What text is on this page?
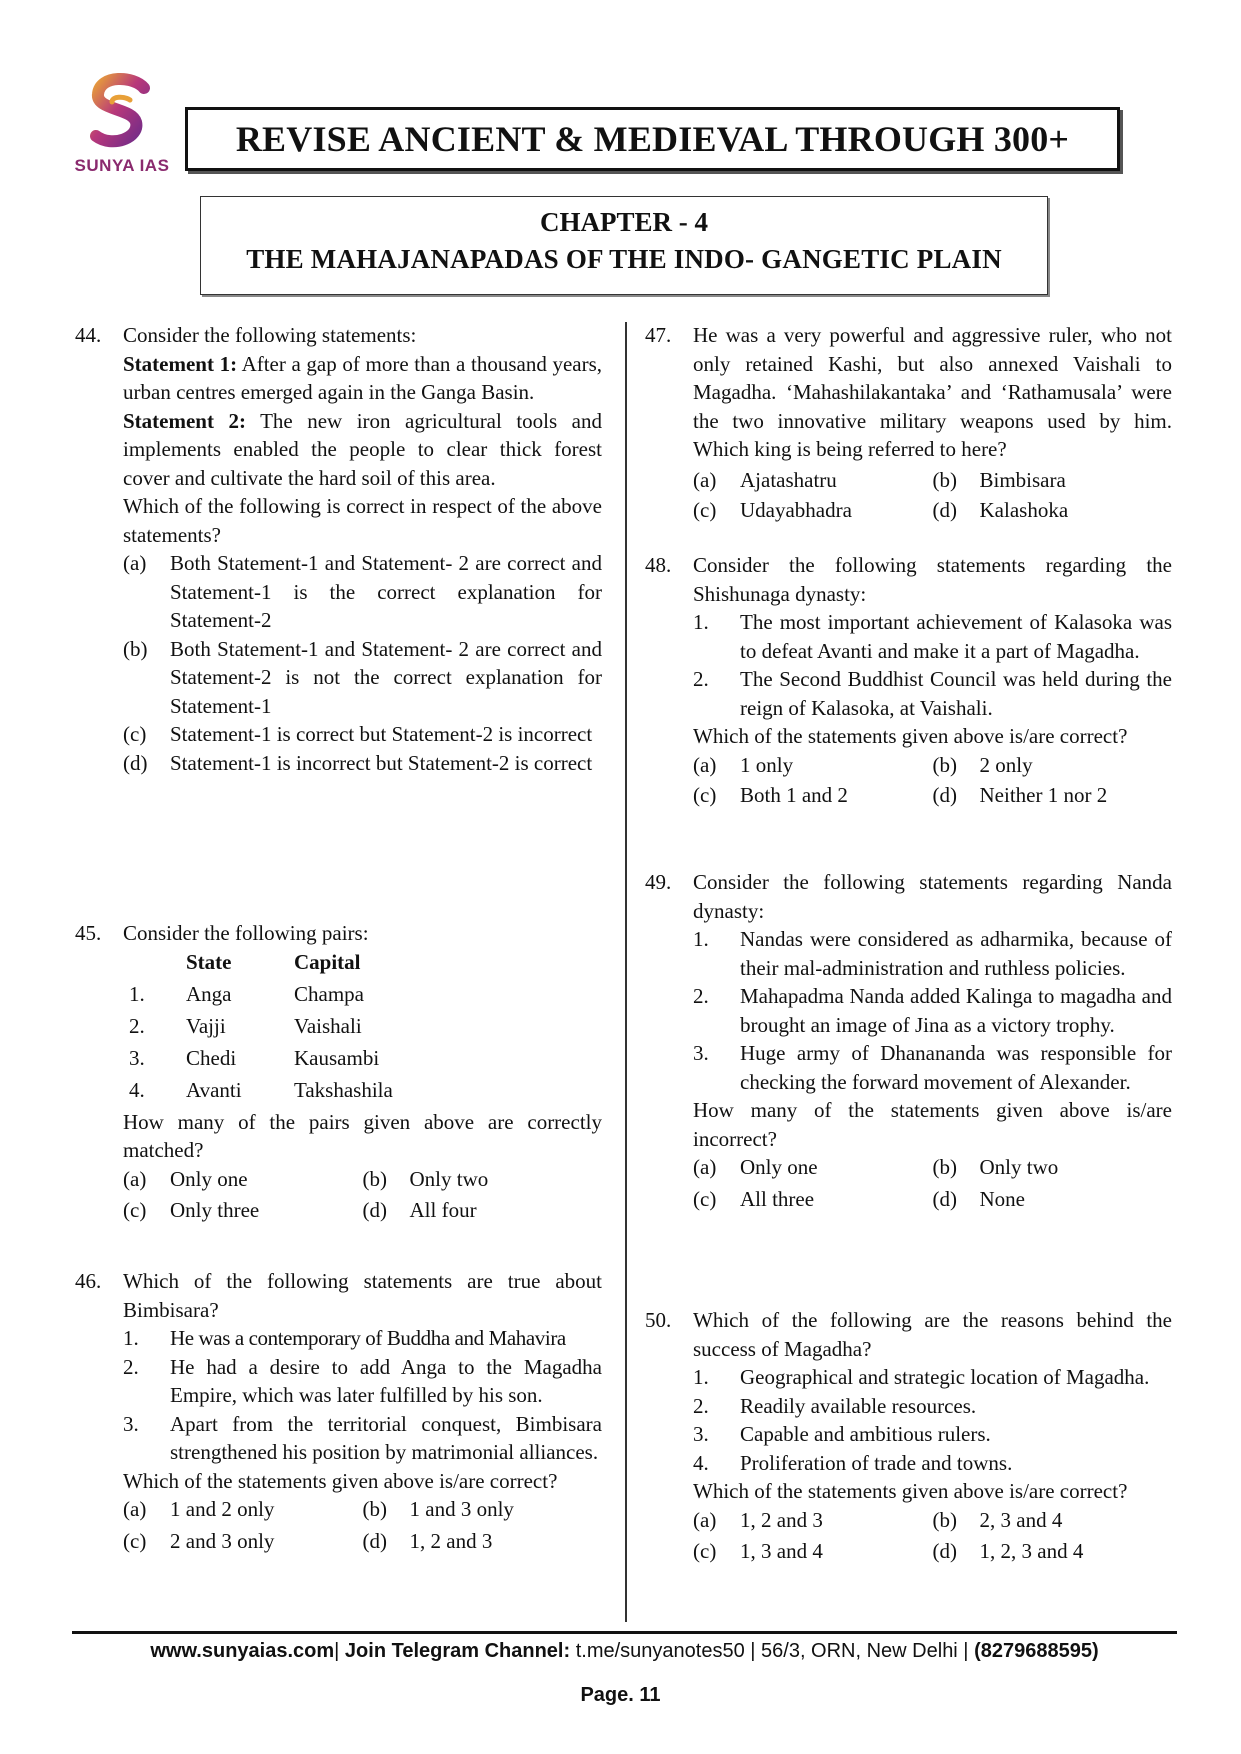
SUNYA IAS
REVISE ANCIENT & MEDIEVAL THROUGH 300+
CHAPTER - 4
THE MAHAJANAPADAS OF THE INDO- GANGETIC PLAIN
44. Consider the following statements:

Statement 1: After a gap of more than a thousand years, urban centres emerged again in the Ganga Basin.

Statement 2: The new iron agricultural tools and implements enabled the people to clear thick forest cover and cultivate the hard soil of this area.

Which of the following is correct in respect of the above statements?

(a) Both Statement-1 and Statement- 2 are correct and Statement-1 is the correct explanation for Statement-2
(b) Both Statement-1 and Statement- 2 are correct and Statement-2 is not the correct explanation for Statement-1
(c) Statement-1 is correct but Statement-2 is incorrect
(d) Statement-1 is incorrect but Statement-2 is correct
45. Consider the following pairs:

	State	Capital
1.	Anga	Champa
2.	Vajji	Vaishali
3.	Chedi	Kausambi
4.	Avanti	Takshashila

How many of the pairs given above are correctly matched?

(a) Only one	(b) Only two
(c) Only three	(d) All four
46. Which of the following statements are true about Bimbisara?

1. He was a contemporary of Buddha and Mahavira
2. He had a desire to add Anga to the Magadha Empire, which was later fulfilled by his son.
3. Apart from the territorial conquest, Bimbisara strengthened his position by matrimonial alliances.

Which of the statements given above is/are correct?

(a) 1 and 2 only	(b) 1 and 3 only
(c) 2 and 3 only	(d) 1, 2 and 3
47. He was a very powerful and aggressive ruler, who not only retained Kashi, but also annexed Vaishali to Magadha. ‘Mahashilakantaka’ and ‘Rathamusala’ were the two innovative military weapons used by him. Which king is being referred to here?

(a) Ajatashatru	(b) Bimbisara
(c) Udayabhadra	(d) Kalashoka
48. Consider the following statements regarding the Shishunaga dynasty:

1. The most important achievement of Kalasoka was to defeat Avanti and make it a part of Magadha.
2. The Second Buddhist Council was held during the reign of Kalasoka, at Vaishali.

Which of the statements given above is/are correct?

(a) 1 only	(b) 2 only
(c) Both 1 and 2	(d) Neither 1 nor 2
49. Consider the following statements regarding Nanda dynasty:

1. Nandas were considered as adharmika, because of their mal-administration and ruthless policies.
2. Mahapadma Nanda added Kalinga to magadha and brought an image of Jina as a victory trophy.
3. Huge army of Dhanananda was responsible for checking the forward movement of Alexander.

How many of the statements given above is/are incorrect?

(a) Only one	(b) Only two
(c) All three	(d) None
50. Which of the following are the reasons behind the success of Magadha?

1. Geographical and strategic location of Magadha.
2. Readily available resources.
3. Capable and ambitious rulers.
4. Proliferation of trade and towns.

Which of the statements given above is/are correct?

(a) 1, 2 and 3	(b) 2, 3 and 4
(c) 1, 3 and 4	(d) 1, 2, 3 and 4
www.sunyaias.com| Join Telegram Channel: t.me/sunyanotes50 | 56/3, ORN, New Delhi | (8279688595)
Page. 11
